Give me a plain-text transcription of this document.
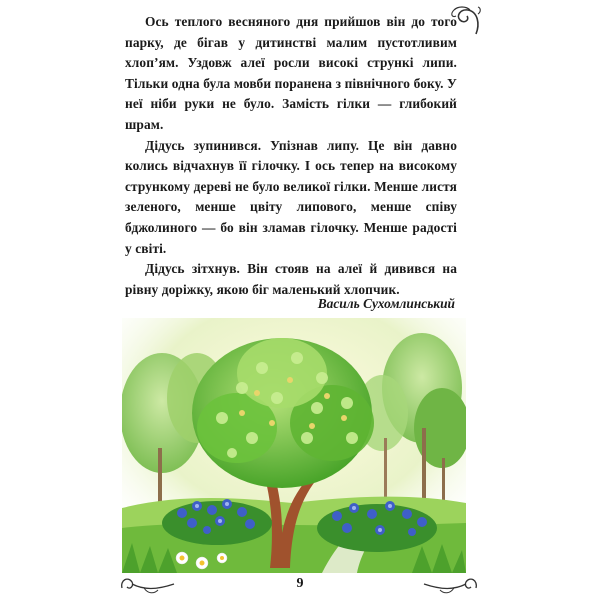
Ось теплого весняного дня прийшов він до того парку, де бігав у дитинстві малим пустотливим хлоп’ям. Уздовж алеї росли високі стрункі липи. Тільки одна була мовби поранена з північного боку. У неї ніби руки не було. Замість гілки — глибокий шрам.

Дідусь зупинився. Упізнав липу. Це він давно колись відчахнув її гілочку. І ось тепер на високому стрункому дереві не було великої гілки. Менше листя зеленого, менше цвіту липового, менше співу бджолиного — бо він зламав гілочку. Менше радості у світі.

Дідусь зітхнув. Він стояв на алеї й дивився на рівну доріжку, якою біг маленький хлопчик.

Василь Сухомлинський
9
